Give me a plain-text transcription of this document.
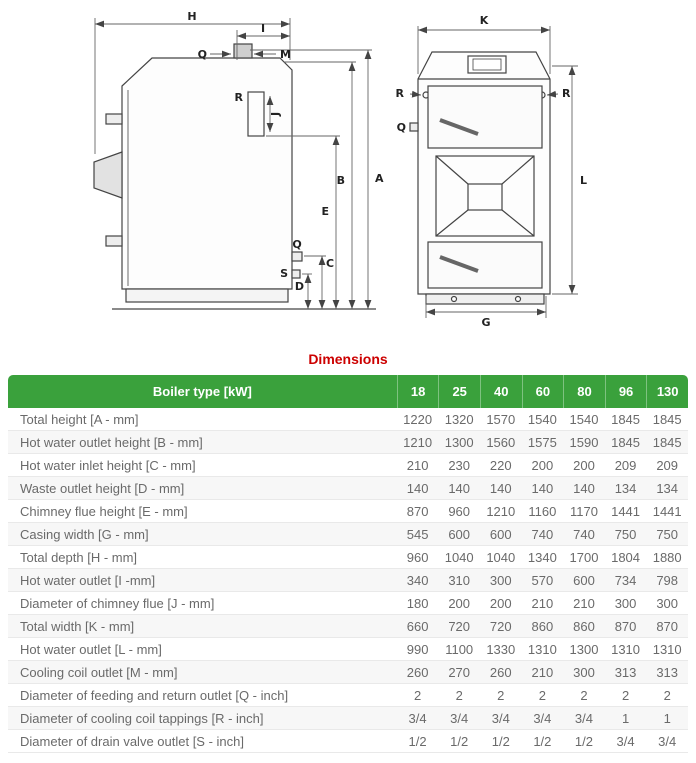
H
I
Q	M
R
J
A
B
E
Q
S
C
D
K
R	R
Q
L
G
Dimensions
Boiler type [kW]	18	25	40	60	80	96	130
Total height [A - mm]	1220	1320	1570	1540	1540	1845	1845
Hot water outlet height [B - mm]	1210	1300	1560	1575	1590	1845	1845
Hot water inlet height [C - mm]	210	230	220	200	200	209	209
Waste outlet height [D - mm]	140	140	140	140	140	134	134
Chimney flue height [E - mm]	870	960	1210	1160	1170	1441	1441
Casing width [G - mm]	545	600	600	740	740	750	750
Total depth [H - mm]	960	1040	1040	1340	1700	1804	1880
Hot water outlet [I -mm]	340	310	300	570	600	734	798
Diameter of chimney flue [J - mm]	180	200	200	210	210	300	300
Total width [K - mm]	660	720	720	860	860	870	870
Hot water outlet [L - mm]	990	1100	1330	1310	1300	1310	1310
Cooling coil outlet [M - mm]	260	270	260	210	300	313	313
Diameter of feeding and return outlet [Q - inch]	2	2	2	2	2	2	2
Diameter of cooling coil tappings [R - inch]	3/4	3/4	3/4	3/4	3/4	1	1
Diameter of drain valve outlet [S - inch]	1/2	1/2	1/2	1/2	1/2	3/4	3/4
